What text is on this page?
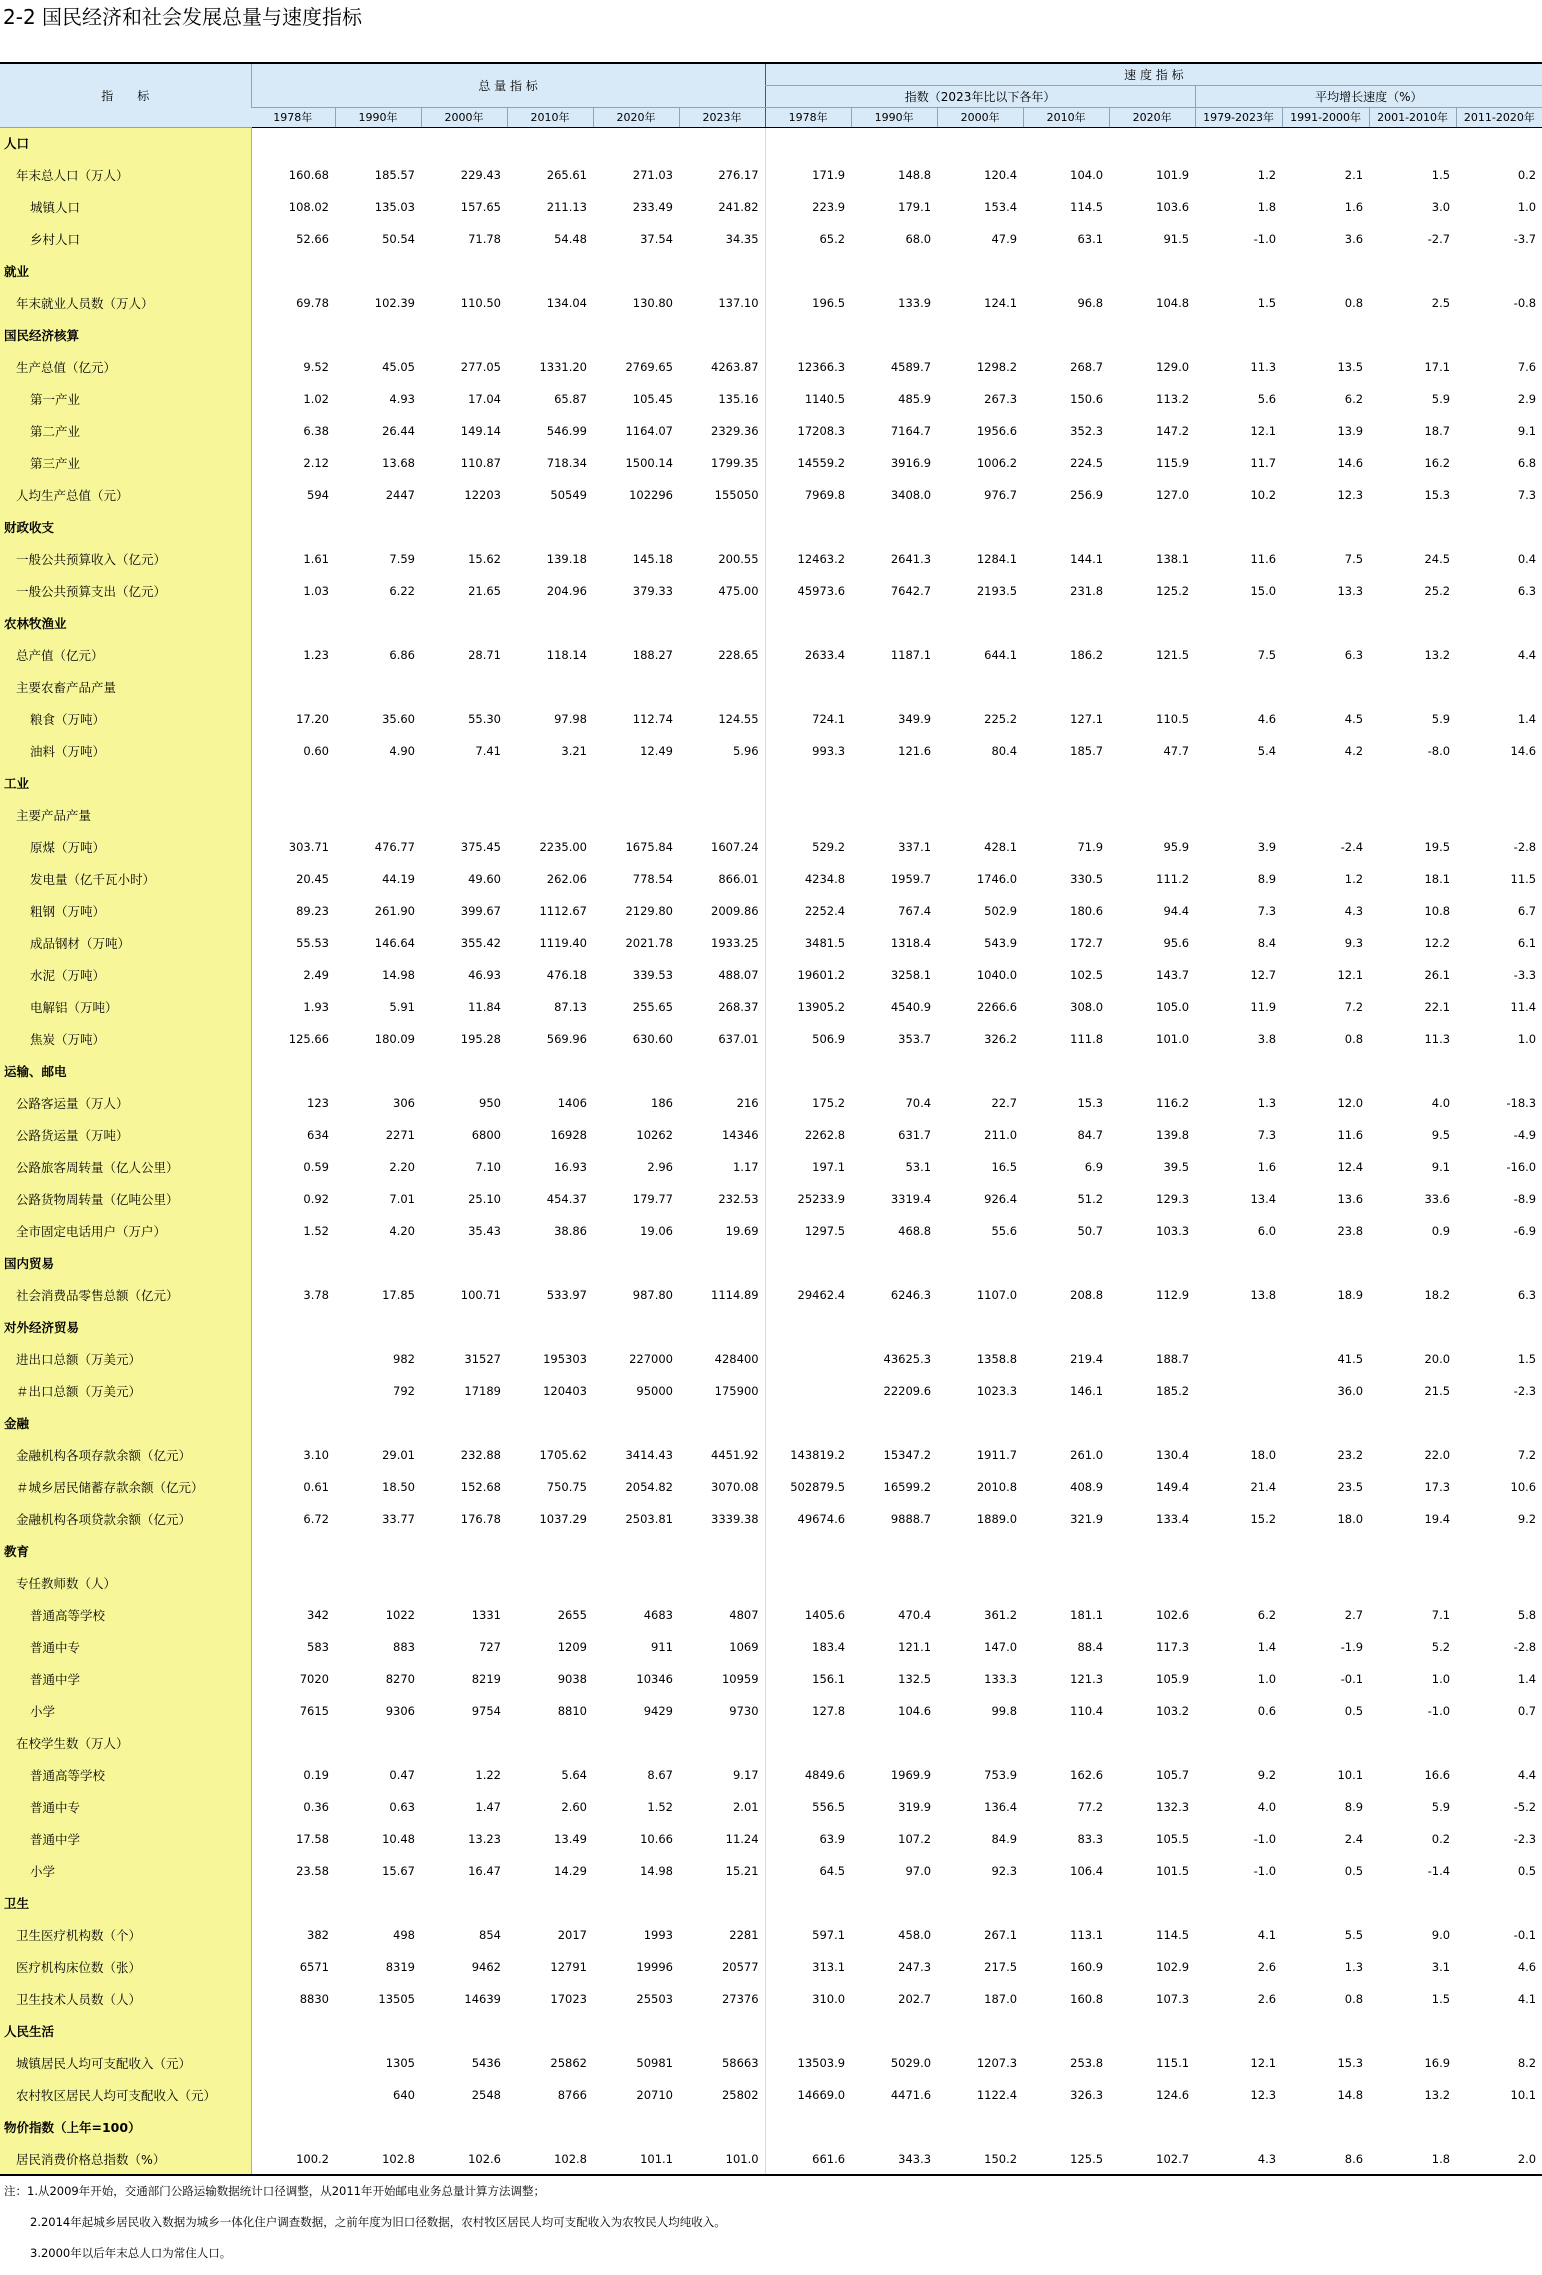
2-2 国民经济和社会发展总量与速度指标
指　　标	总 量 指 标						速 度 指 标								
							指数（2023年比以下各年）					平均增长速度（%）			
	1978年	1990年	2000年	2010年	2020年	2023年	1978年	1990年	2000年	2010年	2020年	1979-2023年	1991-2000年	2001-2010年	2011-2020年
人口															
年末总人口（万人）	160.68	185.57	229.43	265.61	271.03	276.17	171.9	148.8	120.4	104.0	101.9	1.2	2.1	1.5	0.2
城镇人口	108.02	135.03	157.65	211.13	233.49	241.82	223.9	179.1	153.4	114.5	103.6	1.8	1.6	3.0	1.0
乡村人口	52.66	50.54	71.78	54.48	37.54	34.35	65.2	68.0	47.9	63.1	91.5	-1.0	3.6	-2.7	-3.7
就业															
年末就业人员数（万人）	69.78	102.39	110.50	134.04	130.80	137.10	196.5	133.9	124.1	96.8	104.8	1.5	0.8	2.5	-0.8
国民经济核算															
生产总值（亿元）	9.52	45.05	277.05	1331.20	2769.65	4263.87	12366.3	4589.7	1298.2	268.7	129.0	11.3	13.5	17.1	7.6
第一产业	1.02	4.93	17.04	65.87	105.45	135.16	1140.5	485.9	267.3	150.6	113.2	5.6	6.2	5.9	2.9
第二产业	6.38	26.44	149.14	546.99	1164.07	2329.36	17208.3	7164.7	1956.6	352.3	147.2	12.1	13.9	18.7	9.1
第三产业	2.12	13.68	110.87	718.34	1500.14	1799.35	14559.2	3916.9	1006.2	224.5	115.9	11.7	14.6	16.2	6.8
人均生产总值（元）	594	2447	12203	50549	102296	155050	7969.8	3408.0	976.7	256.9	127.0	10.2	12.3	15.3	7.3
财政收支															
一般公共预算收入（亿元）	1.61	7.59	15.62	139.18	145.18	200.55	12463.2	2641.3	1284.1	144.1	138.1	11.6	7.5	24.5	0.4
一般公共预算支出（亿元）	1.03	6.22	21.65	204.96	379.33	475.00	45973.6	7642.7	2193.5	231.8	125.2	15.0	13.3	25.2	6.3
农林牧渔业															
总产值（亿元）	1.23	6.86	28.71	118.14	188.27	228.65	2633.4	1187.1	644.1	186.2	121.5	7.5	6.3	13.2	4.4
主要农畜产品产量															
粮食（万吨）	17.20	35.60	55.30	97.98	112.74	124.55	724.1	349.9	225.2	127.1	110.5	4.6	4.5	5.9	1.4
油料（万吨）	0.60	4.90	7.41	3.21	12.49	5.96	993.3	121.6	80.4	185.7	47.7	5.4	4.2	-8.0	14.6
工业															
主要产品产量															
原煤（万吨）	303.71	476.77	375.45	2235.00	1675.84	1607.24	529.2	337.1	428.1	71.9	95.9	3.9	-2.4	19.5	-2.8
发电量（亿千瓦小时）	20.45	44.19	49.60	262.06	778.54	866.01	4234.8	1959.7	1746.0	330.5	111.2	8.9	1.2	18.1	11.5
粗钢（万吨）	89.23	261.90	399.67	1112.67	2129.80	2009.86	2252.4	767.4	502.9	180.6	94.4	7.3	4.3	10.8	6.7
成品钢材（万吨）	55.53	146.64	355.42	1119.40	2021.78	1933.25	3481.5	1318.4	543.9	172.7	95.6	8.4	9.3	12.2	6.1
水泥（万吨）	2.49	14.98	46.93	476.18	339.53	488.07	19601.2	3258.1	1040.0	102.5	143.7	12.7	12.1	26.1	-3.3
电解铝（万吨）	1.93	5.91	11.84	87.13	255.65	268.37	13905.2	4540.9	2266.6	308.0	105.0	11.9	7.2	22.1	11.4
焦炭（万吨）	125.66	180.09	195.28	569.96	630.60	637.01	506.9	353.7	326.2	111.8	101.0	3.8	0.8	11.3	1.0
运输、邮电															
公路客运量（万人）	123	306	950	1406	186	216	175.2	70.4	22.7	15.3	116.2	1.3	12.0	4.0	-18.3
公路货运量（万吨）	634	2271	6800	16928	10262	14346	2262.8	631.7	211.0	84.7	139.8	7.3	11.6	9.5	-4.9
公路旅客周转量（亿人公里）	0.59	2.20	7.10	16.93	2.96	1.17	197.1	53.1	16.5	6.9	39.5	1.6	12.4	9.1	-16.0
公路货物周转量（亿吨公里）	0.92	7.01	25.10	454.37	179.77	232.53	25233.9	3319.4	926.4	51.2	129.3	13.4	13.6	33.6	-8.9
全市固定电话用户（万户）	1.52	4.20	35.43	38.86	19.06	19.69	1297.5	468.8	55.6	50.7	103.3	6.0	23.8	0.9	-6.9
国内贸易															
社会消费品零售总额（亿元）	3.78	17.85	100.71	533.97	987.80	1114.89	29462.4	6246.3	1107.0	208.8	112.9	13.8	18.9	18.2	6.3
对外经济贸易															
进出口总额（万美元）		982	31527	195303	227000	428400		43625.3	1358.8	219.4	188.7		41.5	20.0	1.5
＃出口总额（万美元）		792	17189	120403	95000	175900		22209.6	1023.3	146.1	185.2		36.0	21.5	-2.3
金融															
金融机构各项存款余额（亿元）	3.10	29.01	232.88	1705.62	3414.43	4451.92	143819.2	15347.2	1911.7	261.0	130.4	18.0	23.2	22.0	7.2
＃城乡居民储蓄存款余额（亿元）	0.61	18.50	152.68	750.75	2054.82	3070.08	502879.5	16599.2	2010.8	408.9	149.4	21.4	23.5	17.3	10.6
金融机构各项贷款余额（亿元）	6.72	33.77	176.78	1037.29	2503.81	3339.38	49674.6	9888.7	1889.0	321.9	133.4	15.2	18.0	19.4	9.2
教育															
专任教师数（人）															
普通高等学校	342	1022	1331	2655	4683	4807	1405.6	470.4	361.2	181.1	102.6	6.2	2.7	7.1	5.8
普通中专	583	883	727	1209	911	1069	183.4	121.1	147.0	88.4	117.3	1.4	-1.9	5.2	-2.8
普通中学	7020	8270	8219	9038	10346	10959	156.1	132.5	133.3	121.3	105.9	1.0	-0.1	1.0	1.4
小学	7615	9306	9754	8810	9429	9730	127.8	104.6	99.8	110.4	103.2	0.6	0.5	-1.0	0.7
在校学生数（万人）															
普通高等学校	0.19	0.47	1.22	5.64	8.67	9.17	4849.6	1969.9	753.9	162.6	105.7	9.2	10.1	16.6	4.4
普通中专	0.36	0.63	1.47	2.60	1.52	2.01	556.5	319.9	136.4	77.2	132.3	4.0	8.9	5.9	-5.2
普通中学	17.58	10.48	13.23	13.49	10.66	11.24	63.9	107.2	84.9	83.3	105.5	-1.0	2.4	0.2	-2.3
小学	23.58	15.67	16.47	14.29	14.98	15.21	64.5	97.0	92.3	106.4	101.5	-1.0	0.5	-1.4	0.5
卫生															
卫生医疗机构数（个）	382	498	854	2017	1993	2281	597.1	458.0	267.1	113.1	114.5	4.1	5.5	9.0	-0.1
医疗机构床位数（张）	6571	8319	9462	12791	19996	20577	313.1	247.3	217.5	160.9	102.9	2.6	1.3	3.1	4.6
卫生技术人员数（人）	8830	13505	14639	17023	25503	27376	310.0	202.7	187.0	160.8	107.3	2.6	0.8	1.5	4.1
人民生活															
城镇居民人均可支配收入（元）		1305	5436	25862	50981	58663	13503.9	5029.0	1207.3	253.8	115.1	12.1	15.3	16.9	8.2
农村牧区居民人均可支配收入（元）		640	2548	8766	20710	25802	14669.0	4471.6	1122.4	326.3	124.6	12.3	14.8	13.2	10.1
物价指数（上年=100）															
居民消费价格总指数（%）	100.2	102.8	102.6	102.8	101.1	101.0	661.6	343.3	150.2	125.5	102.7	4.3	8.6	1.8	2.0
注：1.从2009年开始，交通部门公路运输数据统计口径调整，从2011年开始邮电业务总量计算方法调整；
2.2014年起城乡居民收入数据为城乡一体化住户调查数据，之前年度为旧口径数据，农村牧区居民人均可支配收入为农牧民人均纯收入。
3.2000年以后年末总人口为常住人口。
